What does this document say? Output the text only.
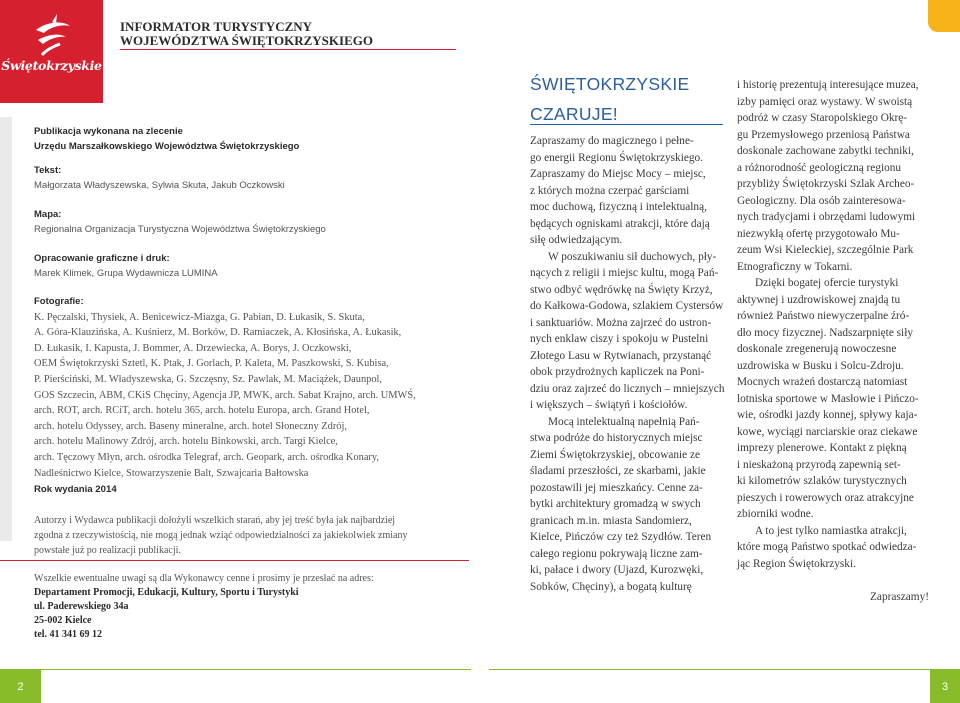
Świętokrzyskie
INFORMATOR TURYSTYCZNY
WOJEWÓDZTWA ŚWIĘTOKRZYSKIEGO
Publikacja wykonana na zlecenie
Urzędu Marszałkowskiego Województwa Świętokrzyskiego
Tekst:
Małgorzata Władyszewska, Sylwia Skuta, Jakub Oczkowski
Mapa:
Regionalna Organizacja Turystyczna Województwa Świętokrzyskiego
Opracowanie graficzne i druk:
Marek Klimek, Grupa Wydawnicza LUMINA
Fotografie:
K. Pęczalski, Thysiek, A. Benicewicz-Miazga, G. Pabian, D. Łukasik, S. Skuta,
A. Góra-Klauzińska, A. Kuśnierz, M. Borków, D. Ramiaczek, A. Kłosińska, A. Łukasik,
D. Łukasik, I. Kapusta, J. Bommer, A. Drzewiecka, A. Borys, J. Oczkowski,
OEM Świętokrzyski Sztetl, K. Ptak, J. Gorlach, P. Kaleta, M. Paszkowski, S. Kubisa,
P. Pierściński, M. Władyszewska, G. Szczęsny, Sz. Pawlak, M. Maciążek, Daunpol,
GOS Szczecin, ABM, CKiS Chęciny, Agencja JP, MWK, arch. Sabat Krajno, arch. UMWŚ,
arch. ROT, arch. RCiT, arch. hotelu 365, arch. hotelu Europa, arch. Grand Hotel,
arch. hotelu Odyssey, arch. Baseny mineralne, arch. hotel Słoneczny Zdrój,
arch. hotelu Malinowy Zdrój, arch. hotelu Binkowski, arch. Targi Kielce,
arch. Tęczowy Młyn, arch. ośrodka Telegraf, arch. Geopark, arch. ośrodka Konary,
Nadleśnictwo Kielce, Stowarzyszenie Balt, Szwajcaria Bałtowska
Rok wydania 2014
Autorzy i Wydawca publikacji dołożyli wszelkich starań, aby jej treść była jak najbardziej
zgodna z rzeczywistością, nie mogą jednak wziąć odpowiedzialności za jakiekolwiek zmiany
powstałe już po realizacji publikacji.
Wszelkie ewentualne uwagi są dla Wykonawcy cenne i prosimy je przesłać na adres:
Departament Promocji, Edukacji, Kultury, Sportu i Turystyki
ul. Paderewskiego 34a
25-002 Kielce
tel. 41 341 69 12
2
ŚWIĘTOKRZYSKIE
CZARUJE!
Zapraszamy do magicznego i pełne-
go energii Regionu Świętokrzyskiego.
Zapraszamy do Miejsc Mocy – miejsc,
z których można czerpać garściami
moc duchową, fizyczną i intelektualną,
będących ogniskami atrakcji, które dają
siłę odwiedzającym.
W poszukiwaniu sił duchowych, pły-
nących z religii i miejsc kultu, mogą Pań-
stwo odbyć wędrówkę na Święty Krzyż,
do Kałkowa-Godowa, szlakiem Cystersów
i sanktuariów. Można zajrzeć do ustron-
nych enklaw ciszy i spokoju w Pustelni
Złotego Lasu w Rytwianach, przystanąć
obok przydrożnych kapliczek na Poni-
dziu oraz zajrzeć do licznych – mniejszych
i większych – świątyń i kościołów.
Mocą intelektualną napełnią Pań-
stwa podróże do historycznych miejsc
Ziemi Świętokrzyskiej, obcowanie ze
śladami przeszłości, ze skarbami, jakie
pozostawili jej mieszkańcy. Cenne za-
bytki architektury gromadzą w swych
granicach m.in. miasta Sandomierz,
Kielce, Pińczów czy też Szydłów. Teren
całego regionu pokrywają liczne zam-
ki, pałace i dwory (Ujazd, Kurozwęki,
Sobków, Chęciny), a bogatą kulturę
i historię prezentują interesujące muzea,
izby pamięci oraz wystawy. W swoistą
podróż w czasy Staropolskiego Okrę-
gu Przemysłowego przeniosą Państwa
doskonale zachowane zabytki techniki,
a różnorodność geologiczną regionu
przybliży Świętokrzyski Szlak Archeo-
Geologiczny. Dla osób zainteresowa-
nych tradycjami i obrzędami ludowymi
niezwykłą ofertę przygotowało Mu-
zeum Wsi Kieleckiej, szczególnie Park
Etnograficzny w Tokarni.
Dzięki bogatej ofercie turystyki
aktywnej i uzdrowiskowej znajdą tu
również Państwo niewyczerpalne źró-
dło mocy fizycznej. Nadszarpnięte siły
doskonale zregenerują nowoczesne
uzdrowiska w Busku i Solcu-Zdroju.
Mocnych wrażeń dostarczą natomiast
lotniska sportowe w Masłowie i Pińczo-
wie, ośrodki jazdy konnej, spływy kaja-
kowe, wyciągi narciarskie oraz ciekawe
imprezy plenerowe. Kontakt z piękną
i nieskażoną przyrodą zapewnią set-
ki kilometrów szlaków turystycznych
pieszych i rowerowych oraz atrakcyjne
zbiorniki wodne.
A to jest tylko namiastka atrakcji,
które mogą Państwo spotkać odwiedza-
jąc Region Świętokrzyski.
Zapraszamy!
3
